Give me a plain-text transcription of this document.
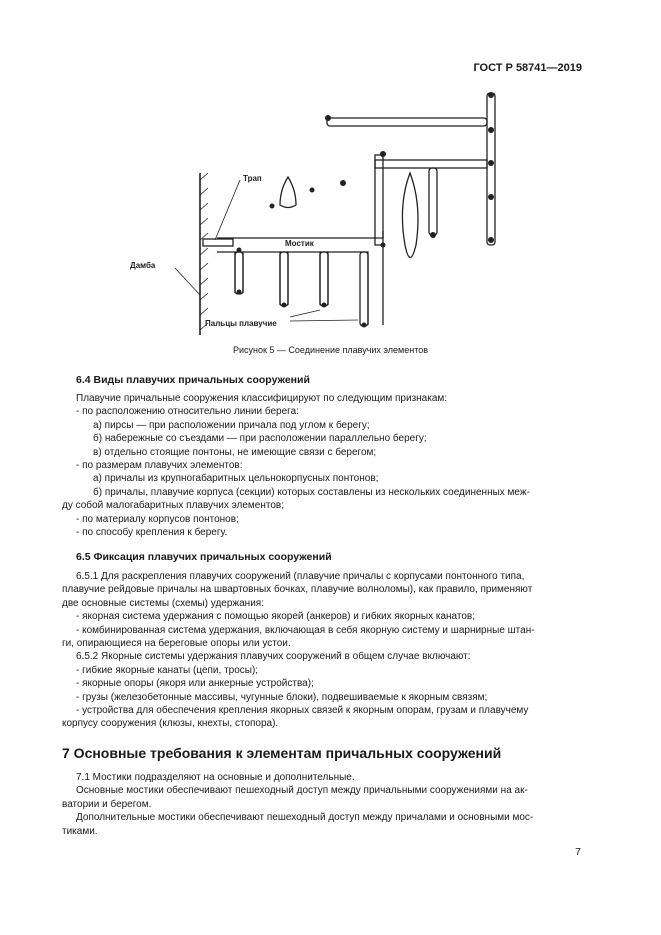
ГОСТ Р 58741—2019
Трап
Мостик
Дамба
Пальцы плавучие
Рисунок 5 — Соединение плавучих элементов
6.4 Виды плавучих причальных сооружений
Плавучие причальные сооружения классифицируют по следующим признакам:
- по расположению относительно линии берега:
а) пирсы — при расположении причала под углом к берегу;
б) набережные со съездами — при расположении параллельно берегу;
в) отдельно стоящие понтоны, не имеющие связи с берегом;
- по размерам плавучих элементов:
а) причалы из крупногабаритных цельнокорпусных понтонов;
б) причалы, плавучие корпуса (секции) которых составлены из нескольких соединенных меж-
ду собой малогабаритных плавучих элементов;
- по материалу корпусов понтонов;
- по способу крепления к берегу.
6.5 Фиксация плавучих причальных сооружений
6.5.1 Для раскрепления плавучих сооружений (плавучие причалы с корпусами понтонного типа,
плавучие рейдовые причалы на швартовных бочках, плавучие волноломы), как правило, применяют
две основные системы (схемы) удержания:
- якорная система удержания с помощью якорей (анкеров) и гибких якорных канатов;
- комбинированная система удержания, включающая в себя якорную систему и шарнирные штан-
ги, опирающиеся на береговые опоры или устои.
6.5.2 Якорные системы удержания плавучих сооружений в общем случае включают:
- гибкие якорные канаты (цепи, тросы);
- якорные опоры (якоря или анкерные устройства);
- грузы (железобетонные массивы, чугунные блоки), подвешиваемые к якорным связям;
- устройства для обеспечения крепления якорных связей к якорным опорам, грузам и плавучему
корпусу сооружения (клюзы, кнехты, стопора).
7 Основные требования к элементам причальных сооружений
7.1 Мостики подразделяют на основные и дополнительные.
Основные мостики обеспечивают пешеходный доступ между причальными сооружениями на ак-
ватории и берегом.
Дополнительные мостики обеспечивают пешеходный доступ между причалами и основными мос-
тиками.
7
